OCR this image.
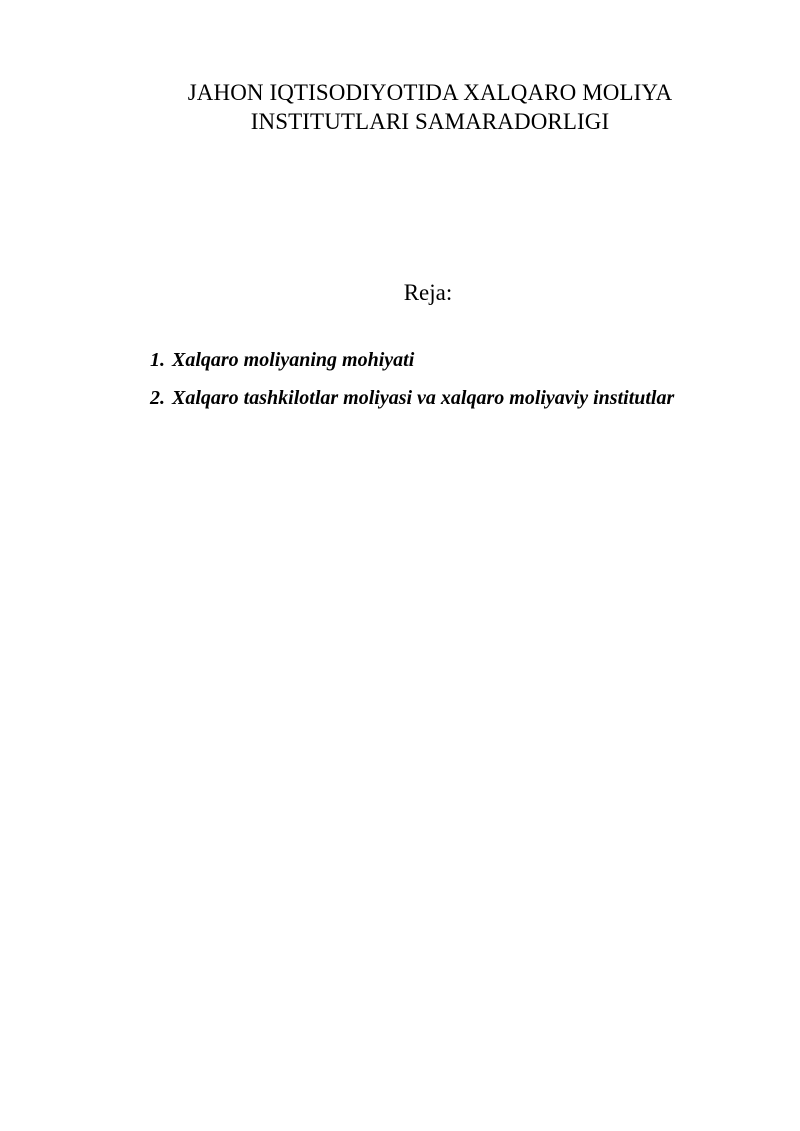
JAHON IQTISODIYOTIDA XALQARO MOLIYA
INSTITUTLARI SAMARADORLIGI
Reja:
1. Xalqaro moliyaning mohiyati
2. Xalqaro tashkilotlar moliyasi va xalqaro moliyaviy institutlar
